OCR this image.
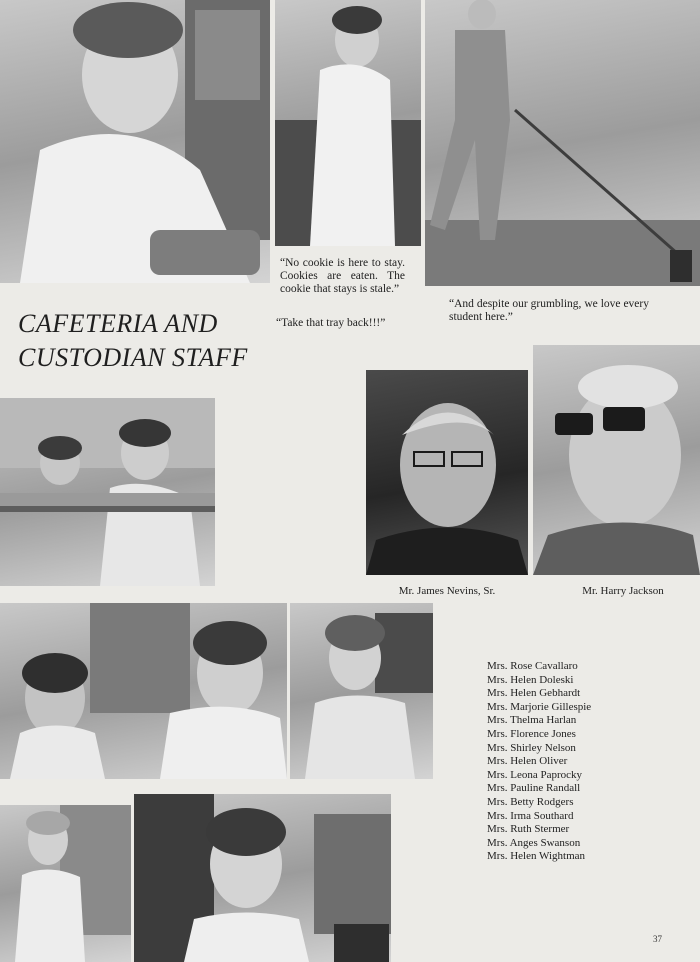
“No cookie is here to stay. Cookies are eaten. The cookie that stays is stale.”
“Take that tray back!!!”
“And despite our grumbling, we love every student here.”
CAFETERIA AND
CUSTODIAN STAFF
Mr. James Nevins, Sr.	Mr. Harry Jackson
Mrs. Rose Cavallaro
Mrs. Helen Doleski
Mrs. Helen Gebhardt
Mrs. Marjorie Gillespie
Mrs. Thelma Harlan
Mrs. Florence Jones
Mrs. Shirley Nelson
Mrs. Helen Oliver
Mrs. Leona Paprocky
Mrs. Pauline Randall
Mrs. Betty Rodgers
Mrs. Irma Southard
Mrs. Ruth Stermer
Mrs. Anges Swanson
Mrs. Helen Wightman
37
